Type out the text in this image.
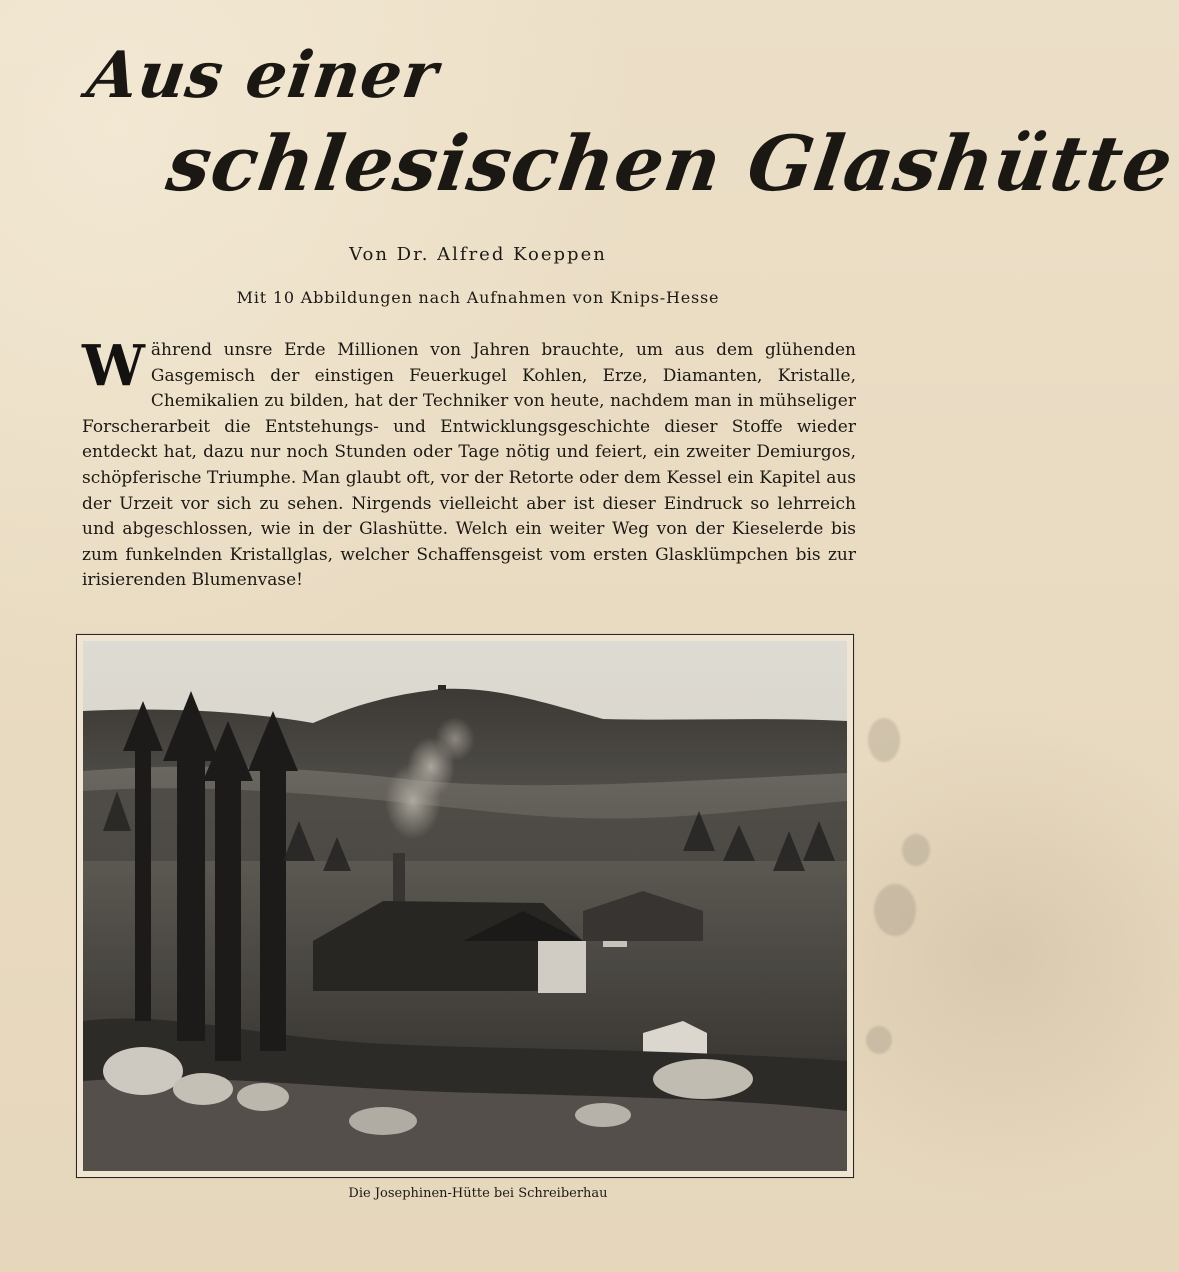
Aus einer
schlesischen Glashütte
Von Dr. Alfred Koeppen
Mit 10 Abbildungen nach Aufnahmen von Knips-Hesse
Während unsre Erde Millionen von Jahren brauchte, um aus dem glühenden Gasgemisch der einstigen Feuerkugel Kohlen, Erze, Diamanten, Kristalle, Chemikalien zu bilden, hat der Techniker von heute, nachdem man in mühseliger Forscherarbeit die Entstehungs- und Entwicklungsgeschichte dieser Stoffe wieder entdeckt hat, dazu nur noch Stunden oder Tage nötig und feiert, ein zweiter Demiurgos, schöpferische Triumphe. Man glaubt oft, vor der Retorte oder dem Kessel ein Kapitel aus der Urzeit vor sich zu sehen. Nirgends vielleicht aber ist dieser Eindruck so lehrreich und abgeschlossen, wie in der Glashütte. Welch ein weiter Weg von der Kieselerde bis zum funkelnden Kristallglas, welcher Schaffensgeist vom ersten Glasklümpchen bis zur irisierenden Blumenvase!
Die Josephinen-Hütte bei Schreiberhau
